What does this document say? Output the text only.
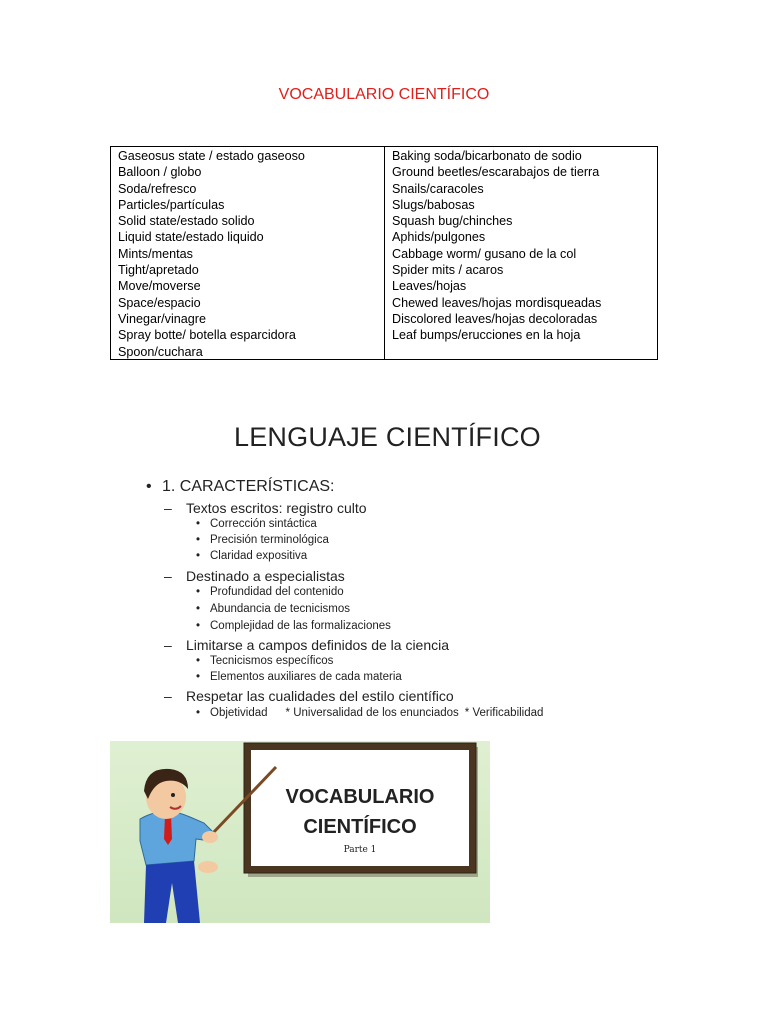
VOCABULARIO CIENTÍFICO
Gaseosus state / estado gaseoso
Balloon / globo
Soda/refresco
Particles/partículas
Solid state/estado solido
Liquid state/estado liquido
Mints/mentas
Tight/apretado
Move/moverse
Space/espacio
Vinegar/vinagre
Spray botte/ botella esparcidora
Spoon/cuchara
Baking soda/bicarbonato de sodio
Ground beetles/escarabajos de tierra
Snails/caracoles
Slugs/babosas
Squash bug/chinches
Aphids/pulgones
Cabbage worm/ gusano de la col
Spider mits / acaros
Leaves/hojas
Chewed leaves/hojas mordisqueadas
Discolored leaves/hojas decoloradas
Leaf bumps/erucciones en la hoja
LENGUAJE CIENTÍFICO
• 1. CARACTERÍSTICAS:
– Textos escritos: registro culto
• Corrección sintáctica
• Precisión terminológica
• Claridad expositiva
– Destinado a especialistas
• Profundidad del contenido
• Abundancia de tecnicismos
• Complejidad de las formalizaciones
– Limitarse a campos definidos de la ciencia
• Tecnicismos específicos
• Elementos auxiliares de cada materia
– Respetar las cualidades del estilo científico
• Objetividad * Universalidad de los enunciados * Verificabilidad
VOCABULARIO
CIENTÍFICO
Parte 1
